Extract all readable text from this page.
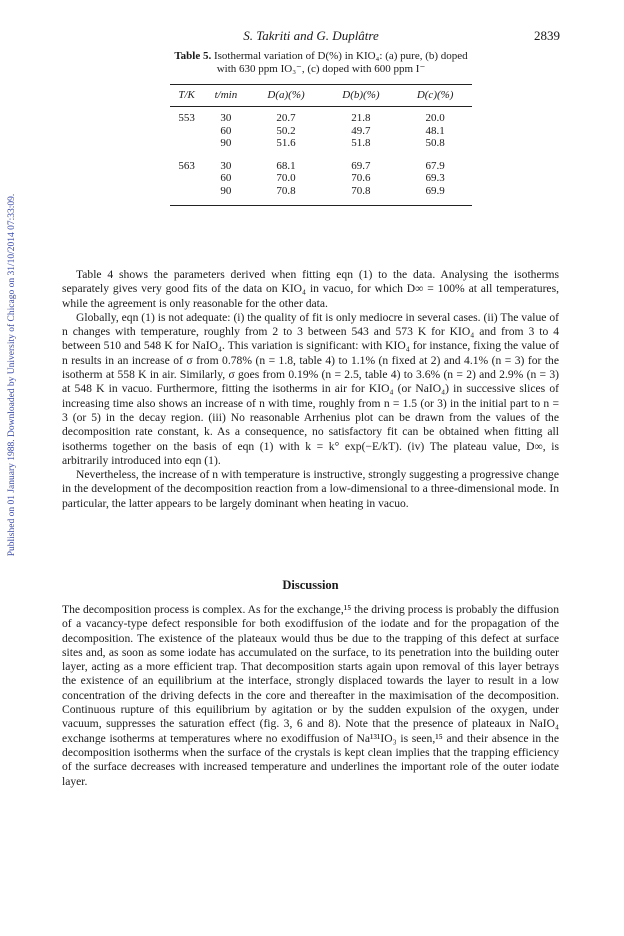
Published on 01 January 1988. Downloaded by University of Chicago on 31/10/2014 07:33:09.
S. Takriti and G. Duplâtre	2839
Table 5. Isothermal variation of D(%) in KIO₄: (a) pure, (b) doped with 630 ppm IO₃⁻, (c) doped with 600 ppm I⁻
T/K	t/min	D(a)(%)	D(b)(%)	D(c)(%)
553	30	20.7	21.8	20.0
	60	50.2	49.7	48.1
	90	51.6	51.8	50.8

563	30	68.1	69.7	67.9
	60	70.0	70.6	69.3
	90	70.8	70.8	69.9

Table 4 shows the parameters derived when fitting eqn (1) to the data. Analysing the isotherms separately gives very good fits of the data on KIO₄ in vacuo, for which D∞ = 100% at all temperatures, while the agreement is only reasonable for the other data.

Globally, eqn (1) is not adequate: (i) the quality of fit is only mediocre in several cases. (ii) The value of n changes with temperature, roughly from 2 to 3 between 543 and 573 K for KIO₄ and from 3 to 4 between 510 and 548 K for NaIO₄. This variation is significant: with KIO₄ for instance, fixing the value of n results in an increase of σ from 0.78% (n = 1.8, table 4) to 1.1% (n fixed at 2) and 4.1% (n = 3) for the isotherm at 558 K in air. Similarly, σ goes from 0.19% (n = 2.5, table 4) to 3.6% (n = 2) and 2.9% (n = 3) at 548 K in vacuo. Furthermore, fitting the isotherms in air for KIO₄ (or NaIO₄) in successive slices of increasing time also shows an increase of n with time, roughly from n = 1.5 (or 3) in the initial part to n = 3 (or 5) in the decay region. (iii) No reasonable Arrhenius plot can be drawn from the values of the decomposition rate constant, k. As a consequence, no satisfactory fit can be obtained when fitting all isotherms together on the basis of eqn (1) with k = k° exp(−E/kT). (iv) The plateau value, D∞, is arbitrarily introduced into eqn (1).

Nevertheless, the increase of n with temperature is instructive, strongly suggesting a progressive change in the development of the decomposition reaction from a low-dimensional to a three-dimensional mode. In particular, the latter appears to be largely dominant when heating in vacuo.

Discussion

The decomposition process is complex. As for the exchange,¹⁵ the driving process is probably the diffusion of a vacancy-type defect responsible for both exodiffusion of the iodate and for the propagation of the decomposition. The existence of the plateaux would thus be due to the trapping of this defect at surface sites and, as soon as some iodate has accumulated on the surface, to its penetration into the building outer layer, acting as a more efficient trap. That decomposition starts again upon removal of this layer betrays the existence of an equilibrium at the interface, strongly displaced towards the layer to result in a low concentration of the driving defects in the core and thereafter in the maximisation of the decomposition. Continuous rupture of this equilibrium by agitation or by the sudden expulsion of the oxygen, under vacuum, suppresses the saturation effect (fig. 3, 6 and 8). Note that the presence of plateaux in NaIO₄ exchange isotherms at temperatures where no exodiffusion of Na¹³¹IO₃ is seen,¹⁵ and their absence in the decomposition isotherms when the surface of the crystals is kept clean implies that the trapping efficiency of the surface decreases with increased temperature and underlines the important role of the outer iodate layer.
